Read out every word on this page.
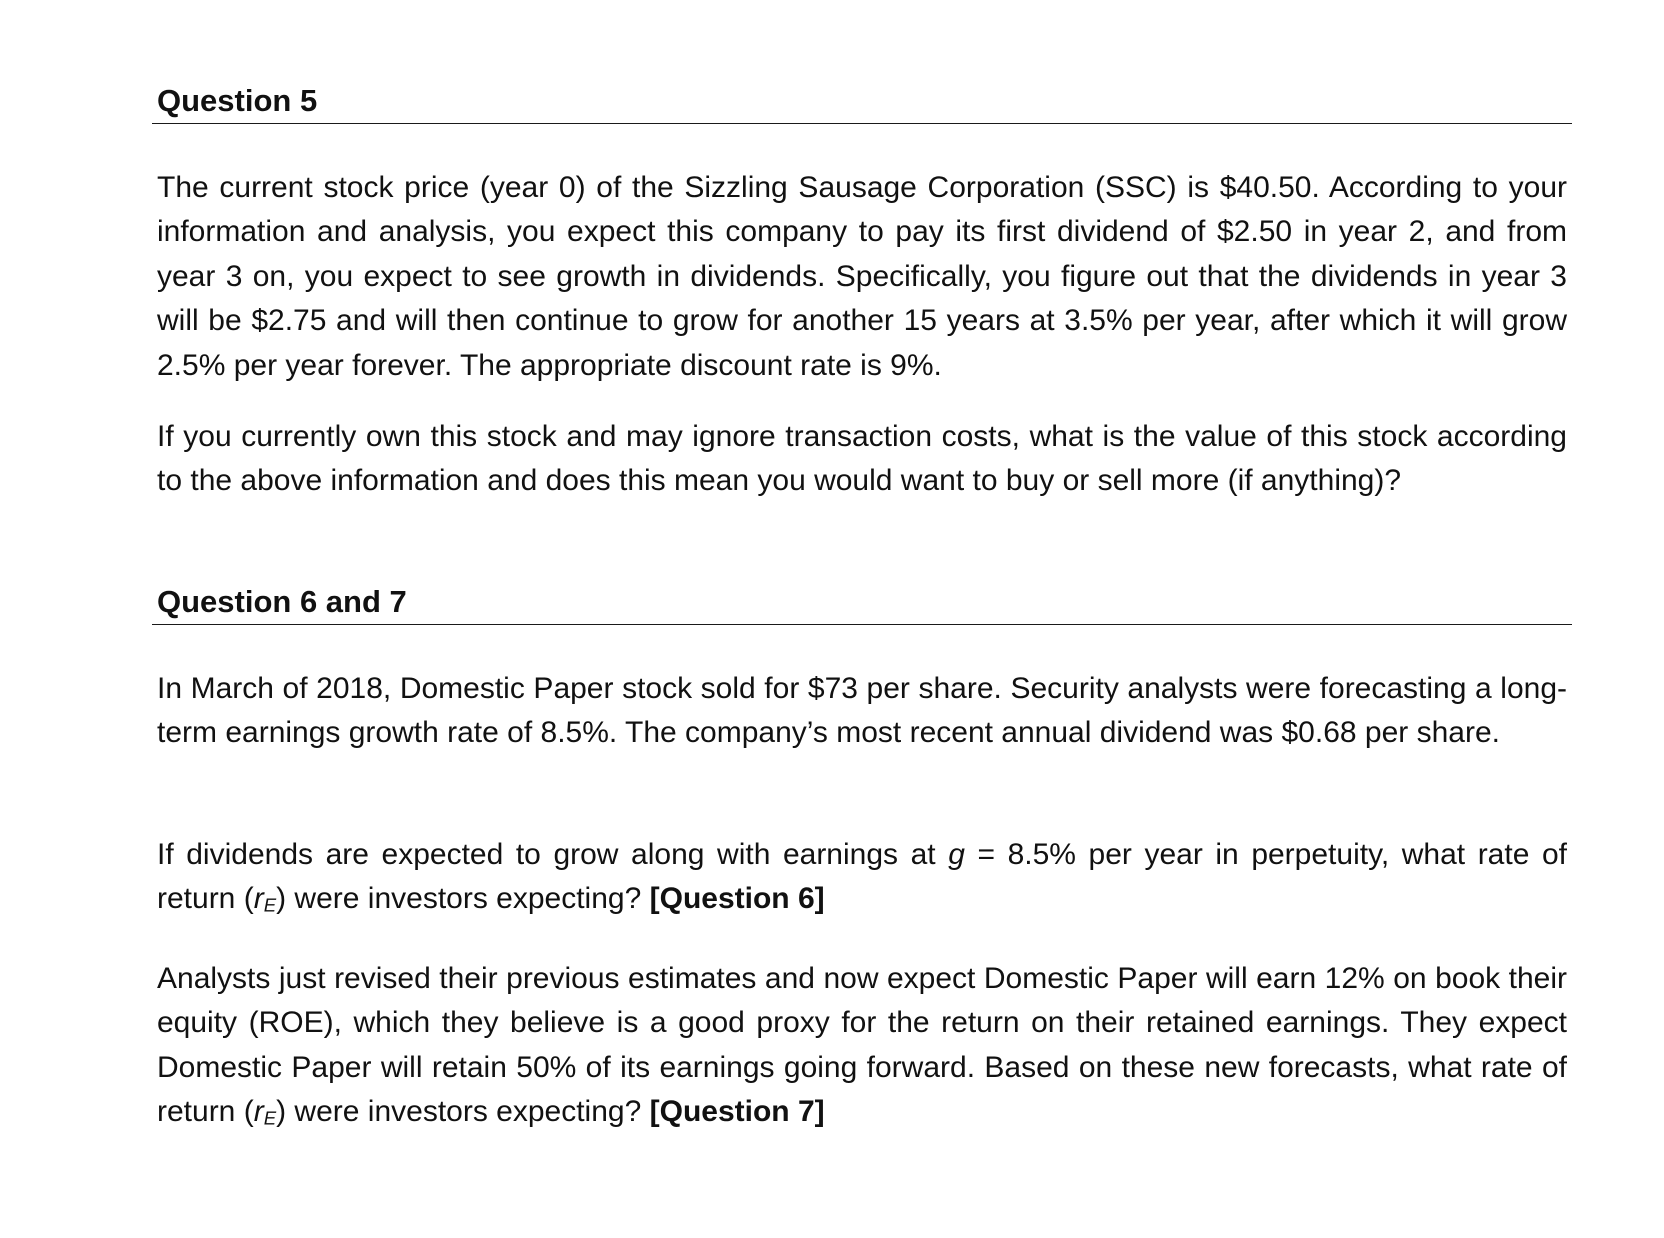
Question 5

The current stock price (year 0) of the Sizzling Sausage Corporation (SSC) is $40.50. According to your information and analysis, you expect this company to pay its first dividend of $2.50 in year 2, and from year 3 on, you expect to see growth in dividends. Specifically, you figure out that the dividends in year 3 will be $2.75 and will then continue to grow for another 15 years at 3.5% per year, after which it will grow 2.5% per year forever. The appropriate discount rate is 9%.

If you currently own this stock and may ignore transaction costs, what is the value of this stock according to the above information and does this mean you would want to buy or sell more (if anything)?

Question 6 and 7

In March of 2018, Domestic Paper stock sold for $73 per share. Security analysts were forecasting a long-term earnings growth rate of 8.5%. The company’s most recent annual dividend was $0.68 per share.

If dividends are expected to grow along with earnings at g = 8.5% per year in perpetuity, what rate of return (rE) were investors expecting? [Question 6]

Analysts just revised their previous estimates and now expect Domestic Paper will earn 12% on book their equity (ROE), which they believe is a good proxy for the return on their retained earnings. They expect Domestic Paper will retain 50% of its earnings going forward. Based on these new forecasts, what rate of return (rE) were investors expecting? [Question 7]
